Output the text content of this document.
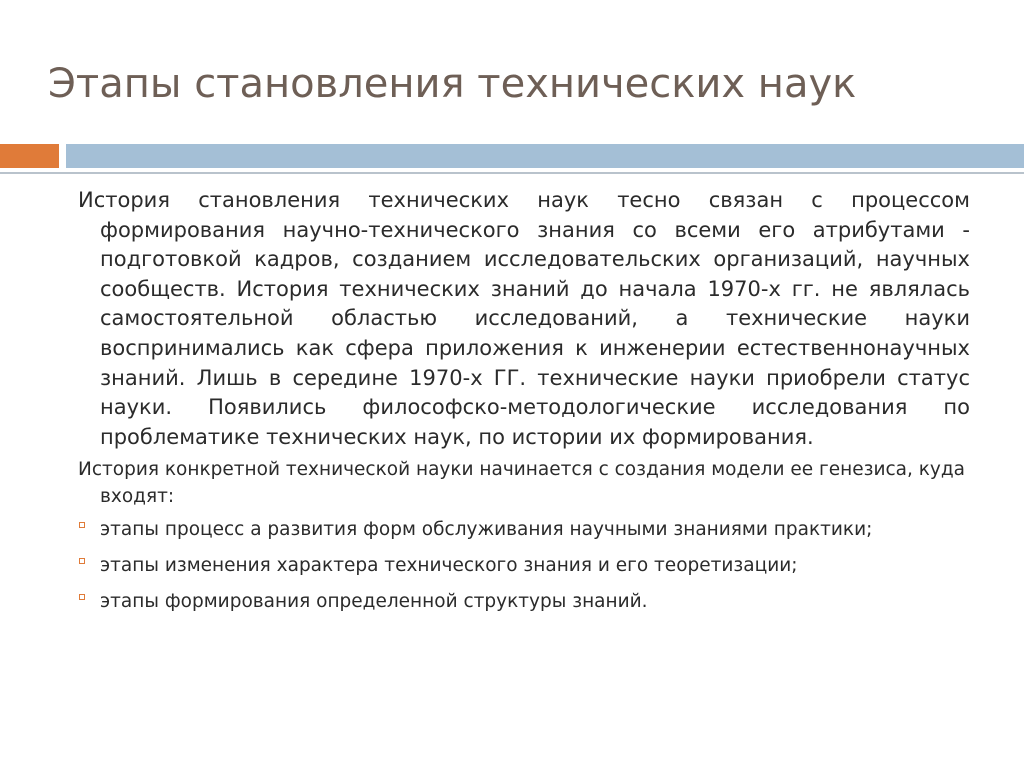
Этапы становления технических наук

История становления технических наук тесно связан с процессом формирования научно-технического знания со всеми его атрибутами - подготовкой кадров, созданием исследовательских организаций, научных сообществ. История технических знаний до начала 1970-х гг. не являлась самостоятельной областью исследований, а технические науки воспринимались как сфера приложения к инженерии естественнонаучных знаний. Лишь в середине 1970-х ГГ. технические науки приобрели статус науки. Появились философско-методологические исследования по проблематике технических наук, по истории их формирования.

История конкретной технической науки начинается с создания модели ее генезиса, куда входят:

этапы процесс а развития форм обслуживания научными знаниями практики;
этапы изменения характера технического знания и его теоретизации;
этапы формирования определенной структуры знаний.
